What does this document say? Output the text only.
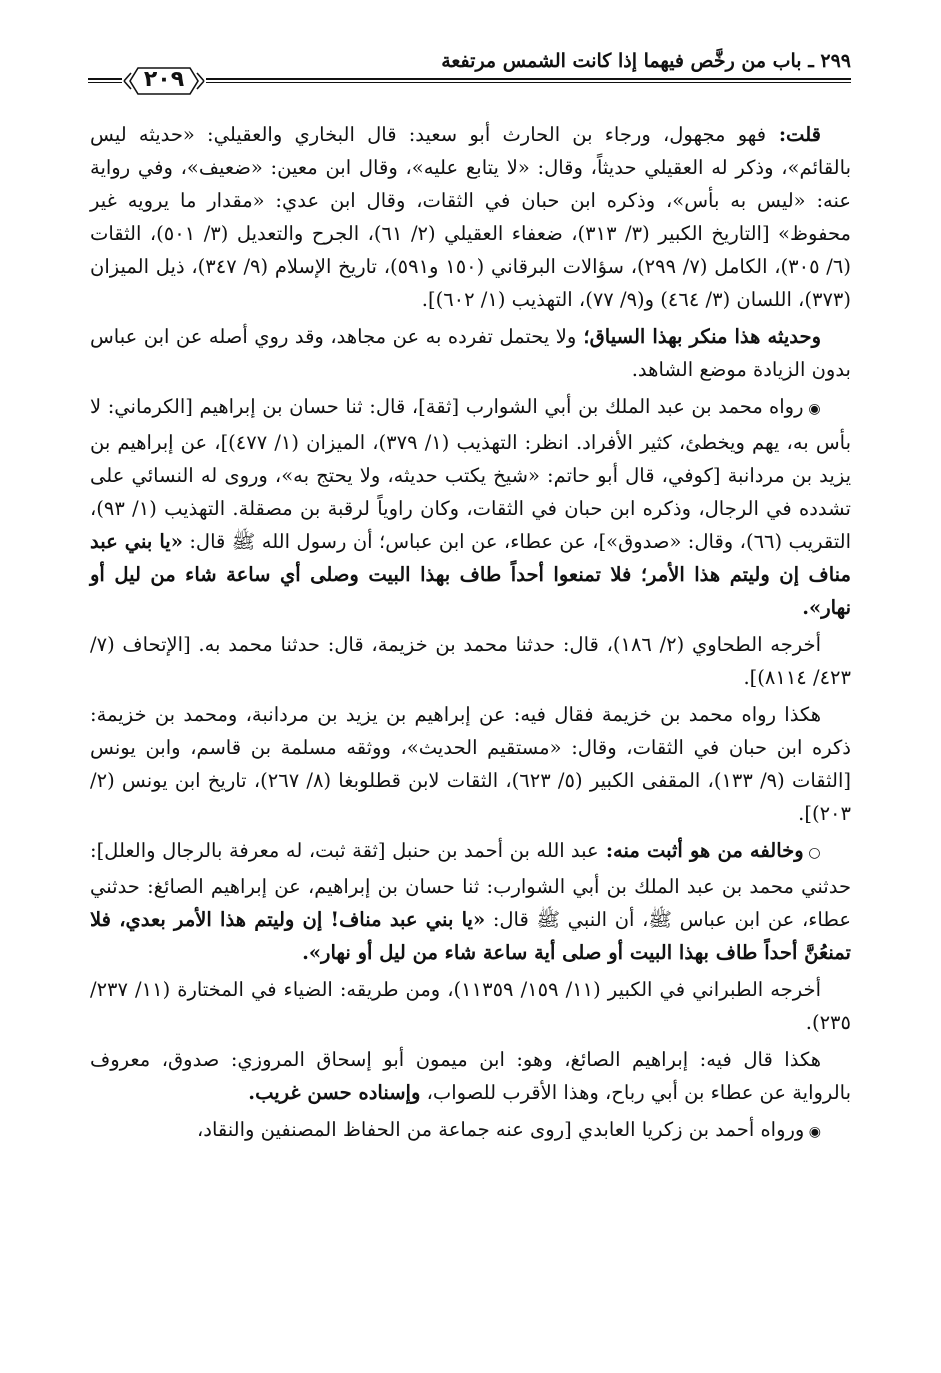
٢٩٩ ـ باب من رخَّص فيهما إذا كانت الشمس مرتفعة
٢٠٩

قلت: فهو مجهول، ورجاء بن الحارث أبو سعيد: قال البخاري والعقيلي: «حديثه ليس بالقائم»، وذكر له العقيلي حديثاً، وقال: «لا يتابع عليه»، وقال ابن معين: «ضعيف»، وفي رواية عنه: «ليس به بأس»، وذكره ابن حبان في الثقات، وقال ابن عدي: «مقدار ما يرويه غير محفوظ» [التاريخ الكبير (٣/ ٣١٣)، ضعفاء العقيلي (٢/ ٦١)، الجرح والتعديل (٣/ ٥٠١)، الثقات (٦/ ٣٠٥)، الكامل (٧/ ٢٩٩)، سؤالات البرقاني (١٥٠ و٥٩١)، تاريخ الإسلام (٩/ ٣٤٧)، ذيل الميزان (٣٧٣)، اللسان (٣/ ٤٦٤) و(٩/ ٧٧)، التهذيب (١/ ٦٠٢)].

وحديثه هذا منكر بهذا السياق؛ ولا يحتمل تفرده به عن مجاهد، وقد روي أصله عن ابن عباس بدون الزيادة موضع الشاهد.

◉ رواه محمد بن عبد الملك بن أبي الشوارب [ثقة]، قال: ثنا حسان بن إبراهيم [الكرماني: لا بأس به، يهم ويخطئ، كثير الأفراد. انظر: التهذيب (١/ ٣٧٩)، الميزان (١/ ٤٧٧)]، عن إبراهيم بن يزيد بن مردانبة [كوفي، قال أبو حاتم: «شيخ يكتب حديثه، ولا يحتج به»، وروى له النسائي على تشدده في الرجال، وذكره ابن حبان في الثقات، وكان راوياً لرقبة بن مصقلة. التهذيب (١/ ٩٣)، التقريب (٦٦)، وقال: «صدوق»]، عن عطاء، عن ابن عباس؛ أن رسول الله ﷺ قال: «يا بني عبد مناف إن وليتم هذا الأمر؛ فلا تمنعوا أحداً طاف بهذا البيت وصلى أي ساعة شاء من ليل أو نهار».

أخرجه الطحاوي (٢/ ١٨٦)، قال: حدثنا محمد بن خزيمة، قال: حدثنا محمد به. [الإتحاف (٧/ ٤٢٣/ ٨١١٤)].

هكذا رواه محمد بن خزيمة فقال فيه: عن إبراهيم بن يزيد بن مردانبة، ومحمد بن خزيمة: ذكره ابن حبان في الثقات، وقال: «مستقيم الحديث»، ووثقه مسلمة بن قاسم، وابن يونس [الثقات (٩/ ١٣٣)، المقفى الكبير (٥/ ٦٢٣)، الثقات لابن قطلوبغا (٨/ ٢٦٧)، تاريخ ابن يونس (٢/ ٢٠٣)].

○ وخالفه من هو أثبت منه: عبد الله بن أحمد بن حنبل [ثقة ثبت، له معرفة بالرجال والعلل]: حدثني محمد بن عبد الملك بن أبي الشوارب: ثنا حسان بن إبراهيم، عن إبراهيم الصائغ: حدثني عطاء، عن ابن عباس ﷺ، أن النبي ﷺ قال: «يا بني عبد مناف! إن وليتم هذا الأمر بعدي، فلا تمنعُنَّ أحداً طاف بهذا البيت أو صلى أية ساعة شاء من ليل أو نهار».

أخرجه الطبراني في الكبير (١١/ ١٥٩/ ١١٣٥٩)، ومن طريقه: الضياء في المختارة (١١/ ٢٣٧/ ٢٣٥).

هكذا قال فيه: إبراهيم الصائغ، وهو: ابن ميمون أبو إسحاق المروزي: صدوق، معروف بالرواية عن عطاء بن أبي رباح، وهذا الأقرب للصواب، وإسناده حسن غريب.

◉ ورواه أحمد بن زكريا العابدي [روى عنه جماعة من الحفاظ المصنفين والنقاد،
